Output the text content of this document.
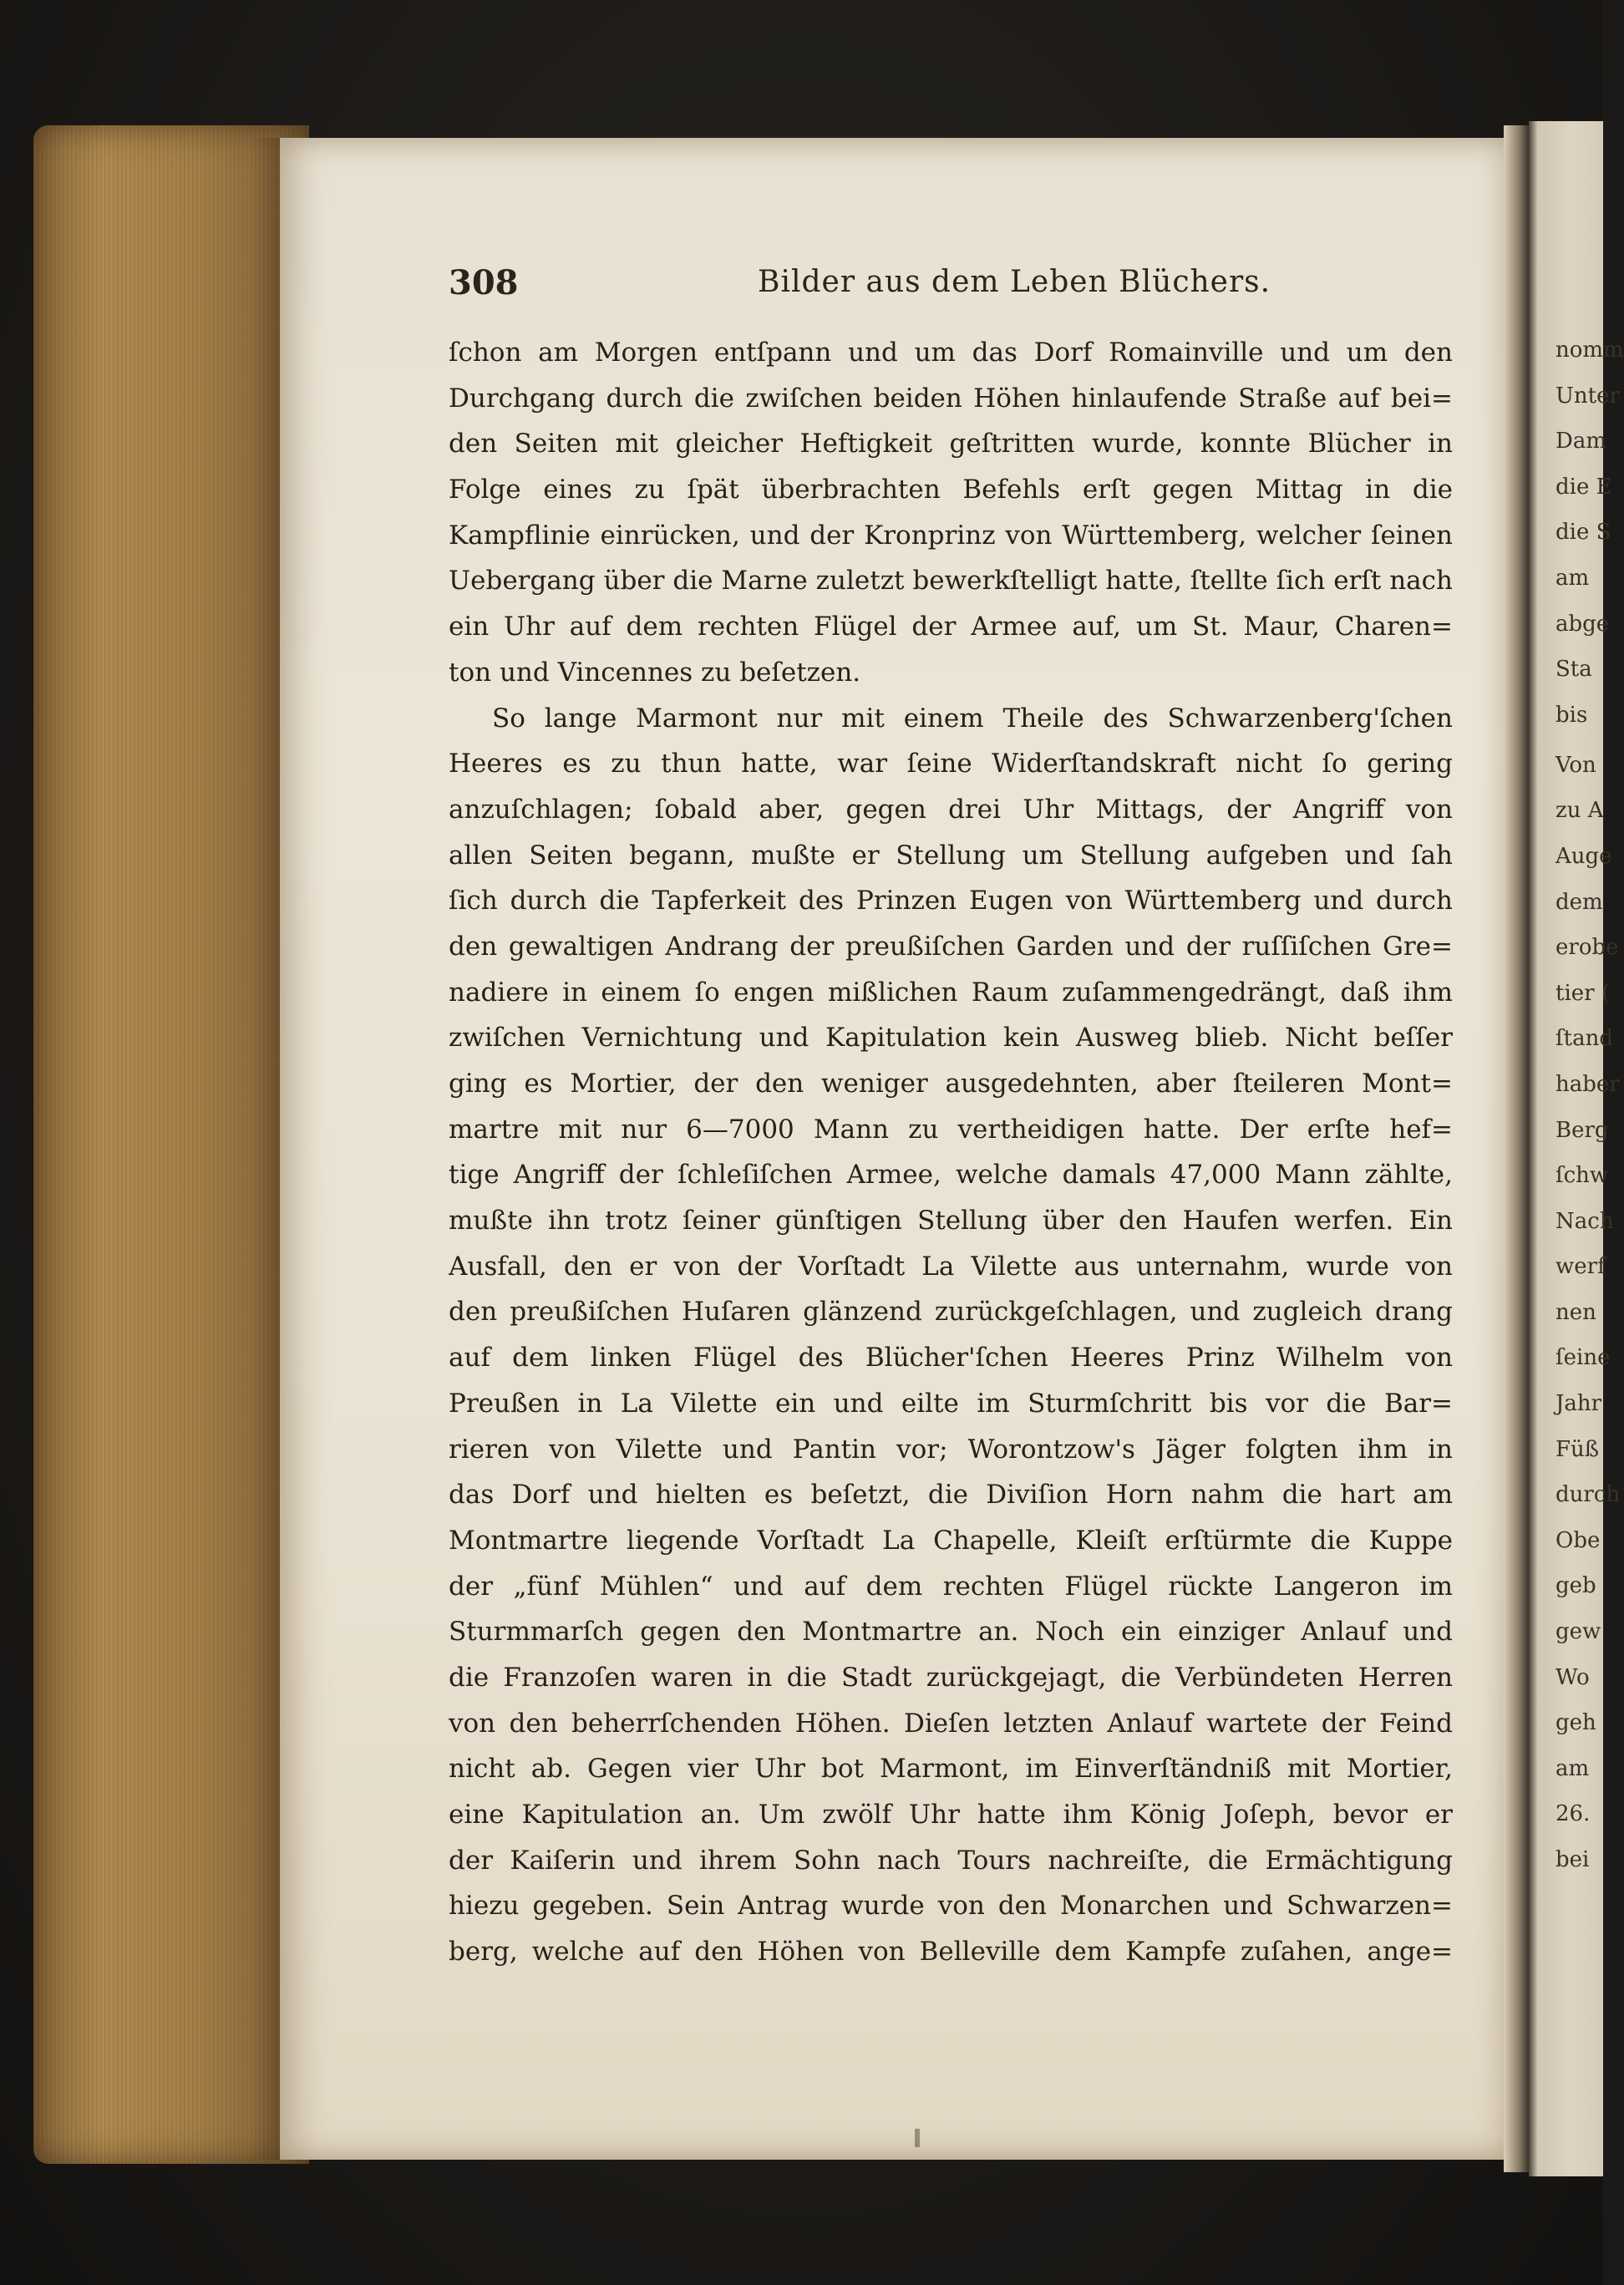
nomm
Unter
Dam
die E
die S
am
abge
Sta
bis
Von
zu A
Auge
dem
erobe
tier (
ſtand
haber
Berg
ſchw
Nach
werf
nen
ſeine
Jahr
Füß
durch
Obe
geb
gew
Wo
geh
am
26.
bei
308	Bilder aus dem Leben Blüchers.
ſchon am Morgen entſpann und um das Dorf Romainville und um den
Durchgang durch die zwiſchen beiden Höhen hinlaufende Straße auf bei=
den Seiten mit gleicher Heftigkeit geſtritten wurde, konnte Blücher in
Folge eines zu ſpät überbrachten Befehls erſt gegen Mittag in die
Kampflinie einrücken, und der Kronprinz von Württemberg, welcher ſeinen
Uebergang über die Marne zuletzt bewerkſtelligt hatte, ſtellte ſich erſt nach
ein Uhr auf dem rechten Flügel der Armee auf, um St. Maur, Charen=
ton und Vincennes zu beſetzen.
So lange Marmont nur mit einem Theile des Schwarzenberg'ſchen
Heeres es zu thun hatte, war ſeine Widerſtandskraft nicht ſo gering
anzuſchlagen; ſobald aber, gegen drei Uhr Mittags, der Angriff von
allen Seiten begann, mußte er Stellung um Stellung aufgeben und ſah
ſich durch die Tapferkeit des Prinzen Eugen von Württemberg und durch
den gewaltigen Andrang der preußiſchen Garden und der ruſſiſchen Gre=
nadiere in einem ſo engen mißlichen Raum zuſammengedrängt, daß ihm
zwiſchen Vernichtung und Kapitulation kein Ausweg blieb. Nicht beſſer
ging es Mortier, der den weniger ausgedehnten, aber ſteileren Mont=
martre mit nur 6—7000 Mann zu vertheidigen hatte. Der erſte hef=
tige Angriff der ſchleſiſchen Armee, welche damals 47,000 Mann zählte,
mußte ihn trotz ſeiner günſtigen Stellung über den Haufen werfen. Ein
Ausfall, den er von der Vorſtadt La Vilette aus unternahm, wurde von
den preußiſchen Huſaren glänzend zurückgeſchlagen, und zugleich drang
auf dem linken Flügel des Blücher'ſchen Heeres Prinz Wilhelm von
Preußen in La Vilette ein und eilte im Sturmſchritt bis vor die Bar=
rieren von Vilette und Pantin vor; Worontzow's Jäger folgten ihm in
das Dorf und hielten es beſetzt, die Diviſion Horn nahm die hart am
Montmartre liegende Vorſtadt La Chapelle, Kleiſt erſtürmte die Kuppe
der „fünf Mühlen“ und auf dem rechten Flügel rückte Langeron im
Sturmmarſch gegen den Montmartre an. Noch ein einziger Anlauf und
die Franzoſen waren in die Stadt zurückgejagt, die Verbündeten Herren
von den beherrſchenden Höhen. Dieſen letzten Anlauf wartete der Feind
nicht ab. Gegen vier Uhr bot Marmont, im Einverſtändniß mit Mortier,
eine Kapitulation an. Um zwölf Uhr hatte ihm König Joſeph, bevor er
der Kaiſerin und ihrem Sohn nach Tours nachreiſte, die Ermächtigung
hiezu gegeben. Sein Antrag wurde von den Monarchen und Schwarzen=
berg, welche auf den Höhen von Belleville dem Kampfe zuſahen, ange=
